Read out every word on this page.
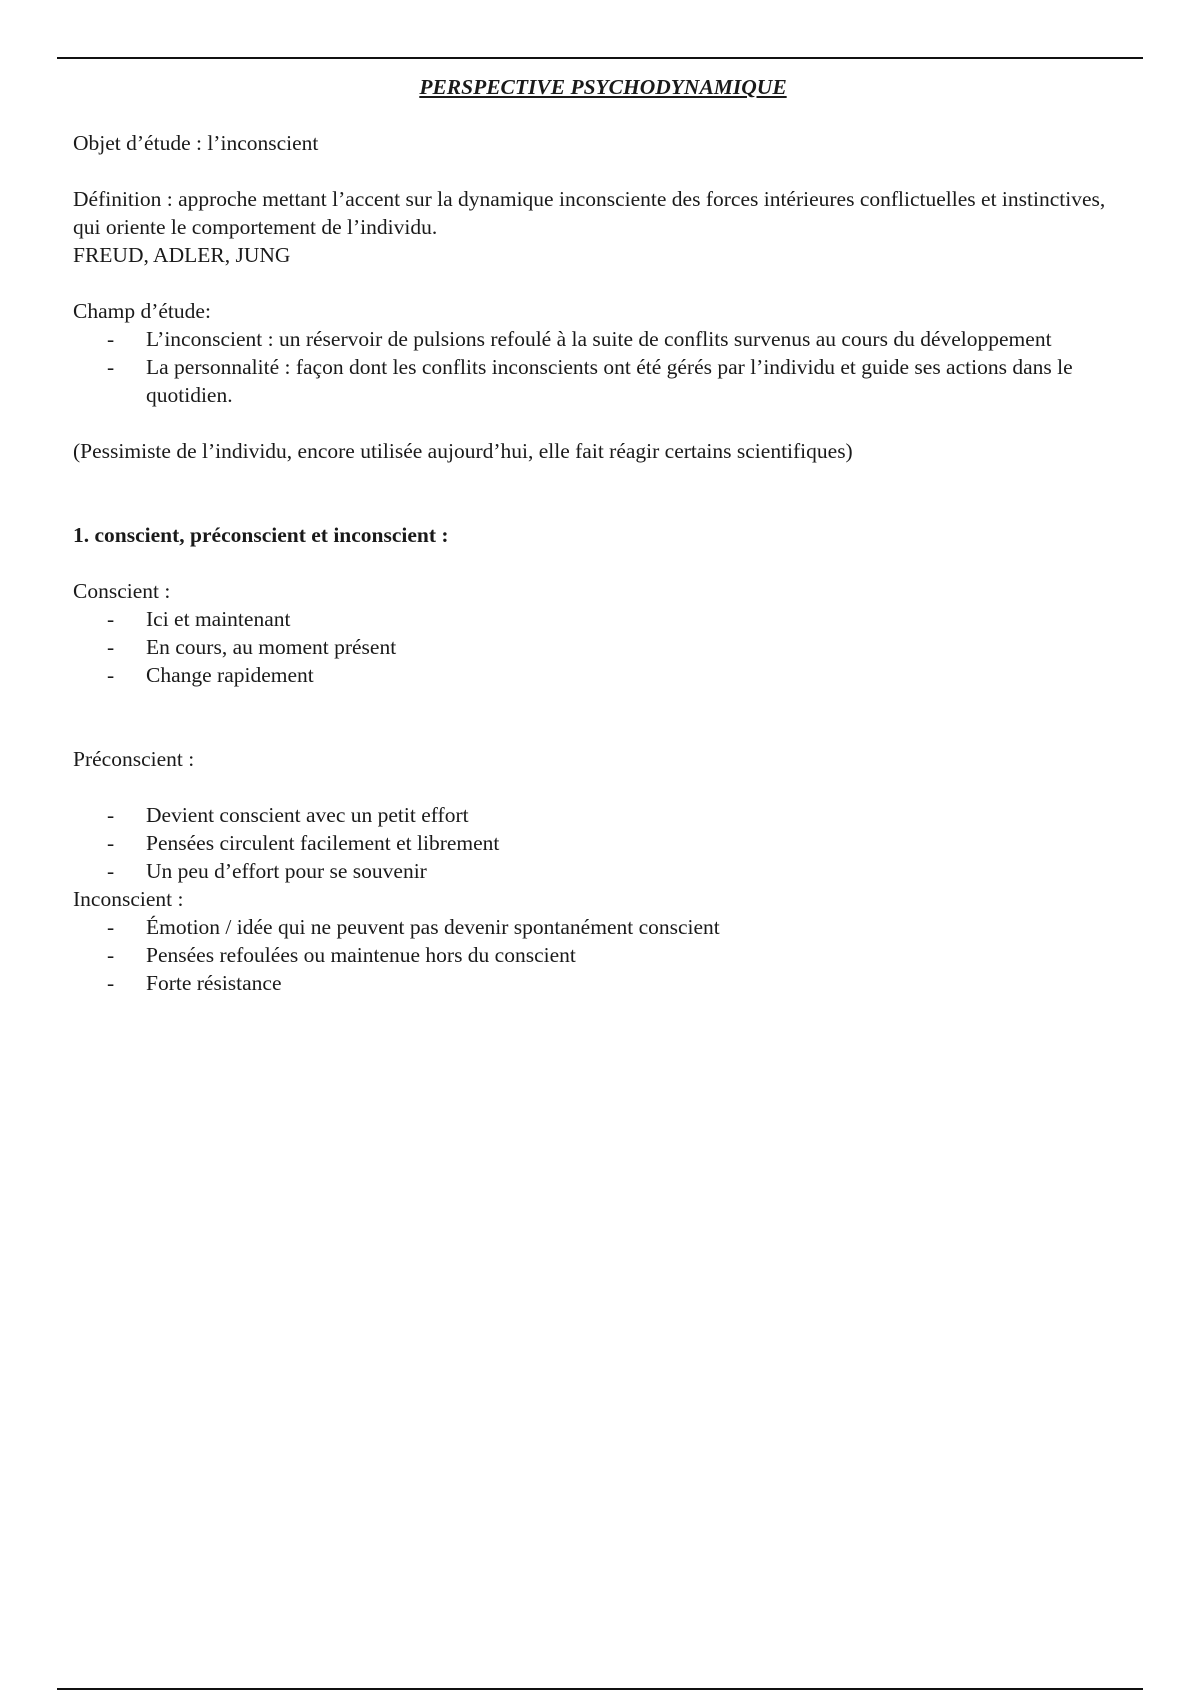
PERSPECTIVE PSYCHODYNAMIQUE

Objet d’étude : l’inconscient

Définition : approche mettant l’accent sur la dynamique inconsciente des forces intérieures conflictuelles et instinctives, qui oriente le comportement de l’individu.

FREUD, ADLER, JUNG

Champ d’étude:

- L’inconscient : un réservoir de pulsions refoulé à la suite de conflits survenus au cours du développement
- La personnalité : façon dont les conflits inconscients ont été gérés par l’individu et guide ses actions dans le quotidien.

(Pessimiste de l’individu, encore utilisée aujourd’hui, elle fait réagir certains scientifiques)

1. conscient, préconscient et inconscient :

Conscient :

- Ici et maintenant
- En cours, au moment présent
- Change rapidement

Préconscient :

- Devient conscient avec un petit effort
- Pensées circulent facilement et librement
- Un peu d’effort pour se souvenir

Inconscient :

- Émotion / idée qui ne peuvent pas devenir spontanément conscient
- Pensées refoulées ou maintenue hors du conscient
- Forte résistance
